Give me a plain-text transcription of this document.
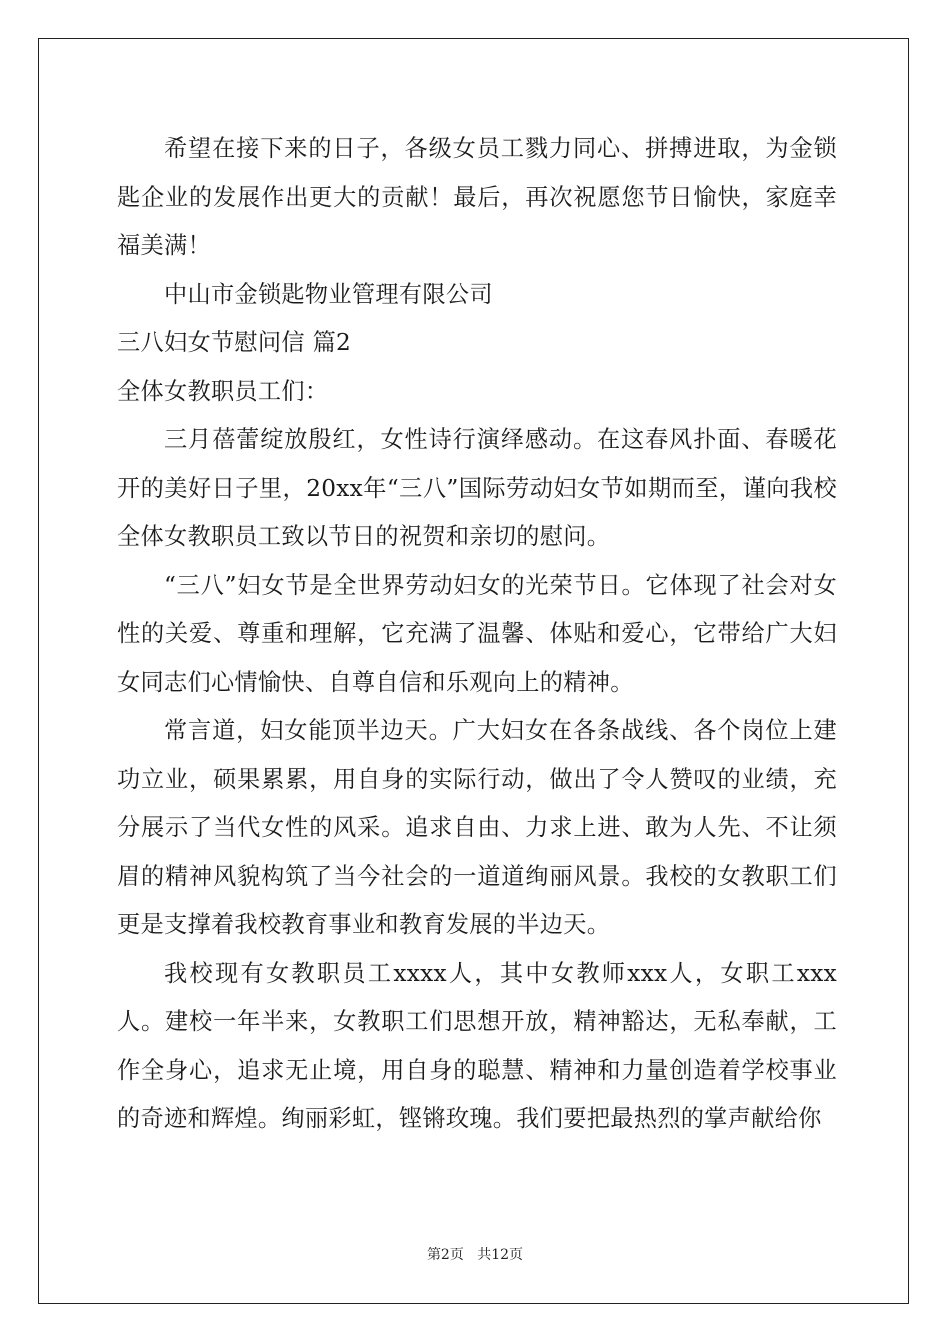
希望在接下来的日子，各级女员工戮力同心、拼搏进取，为金锁匙企业的发展作出更大的贡献！最后，再次祝愿您节日愉快，家庭幸福美满！

中山市金锁匙物业管理有限公司

三八妇女节慰问信 篇2

全体女教职员工们：

三月蓓蕾绽放殷红，女性诗行演绎感动。在这春风扑面、春暖花开的美好日子里，20xx年“三八”国际劳动妇女节如期而至，谨向我校全体女教职员工致以节日的祝贺和亲切的慰问。

“三八”妇女节是全世界劳动妇女的光荣节日。它体现了社会对女性的关爱、尊重和理解，它充满了温馨、体贴和爱心，它带给广大妇女同志们心情愉快、自尊自信和乐观向上的精神。

常言道，妇女能顶半边天。广大妇女在各条战线、各个岗位上建功立业，硕果累累，用自身的实际行动，做出了令人赞叹的业绩，充分展示了当代女性的风采。追求自由、力求上进、敢为人先、不让须眉的精神风貌构筑了当今社会的一道道绚丽风景。我校的女教职工们更是支撑着我校教育事业和教育发展的半边天。

我校现有女教职员工xxxx人，其中女教师xxx人，女职工xxx人。建校一年半来，女教职工们思想开放，精神豁达，无私奉献，工作全身心，追求无止境，用自身的聪慧、精神和力量创造着学校事业的奇迹和辉煌。绚丽彩虹，铿锵玫瑰。我们要把最热烈的掌声献给你

第2页 共12页
